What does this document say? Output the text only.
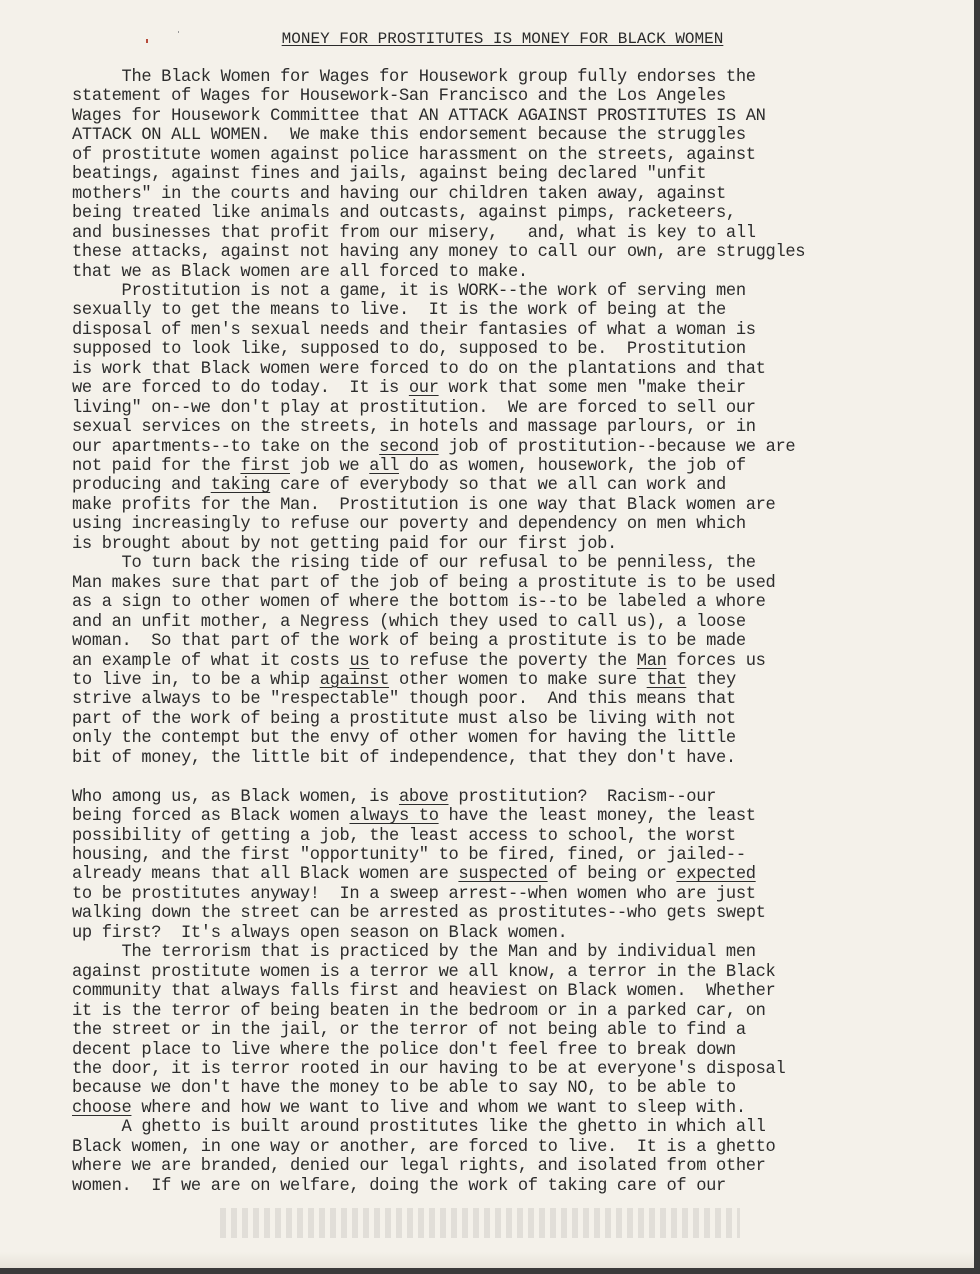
MONEY FOR PROSTITUTES IS MONEY FOR BLACK WOMEN
The Black Women for Wages for Housework group fully endorses the
statement of Wages for Housework-San Francisco and the Los Angeles
Wages for Housework Committee that AN ATTACK AGAINST PROSTITUTES IS AN
ATTACK ON ALL WOMEN.  We make this endorsement because the struggles
of prostitute women against police harassment on the streets, against
beatings, against fines and jails, against being declared "unfit
mothers" in the courts and having our children taken away, against
being treated like animals and outcasts, against pimps, racketeers,
and businesses that profit from our misery,   and, what is key to all
these attacks, against not having any money to call our own, are struggles
that we as Black women are all forced to make.
Prostitution is not a game, it is WORK--the work of serving men
sexually to get the means to live.  It is the work of being at the
disposal of men's sexual needs and their fantasies of what a woman is
supposed to look like, supposed to do, supposed to be.  Prostitution
is work that Black women were forced to do on the plantations and that
we are forced to do today.  It is our work that some men "make their
living" on--we don't play at prostitution.  We are forced to sell our
sexual services on the streets, in hotels and massage parlours, or in
our apartments--to take on the second job of prostitution--because we are
not paid for the first job we all do as women, housework, the job of
producing and taking care of everybody so that we all can work and
make profits for the Man.  Prostitution is one way that Black women are
using increasingly to refuse our poverty and dependency on men which
is brought about by not getting paid for our first job.
To turn back the rising tide of our refusal to be penniless, the
Man makes sure that part of the job of being a prostitute is to be used
as a sign to other women of where the bottom is--to be labeled a whore
and an unfit mother, a Negress (which they used to call us), a loose
woman.  So that part of the work of being a prostitute is to be made
an example of what it costs us to refuse the poverty the Man forces us
to live in, to be a whip against other women to make sure that they
strive always to be "respectable" though poor.  And this means that
part of the work of being a prostitute must also be living with not
only the contempt but the envy of other women for having the little
bit of money, the little bit of independence, that they don't have.
Who among us, as Black women, is above prostitution?  Racism--our
being forced as Black women always to have the least money, the least
possibility of getting a job, the least access to school, the worst
housing, and the first "opportunity" to be fired, fined, or jailed--
already means that all Black women are suspected of being or expected
to be prostitutes anyway!  In a sweep arrest--when women who are just
walking down the street can be arrested as prostitutes--who gets swept
up first?  It's always open season on Black women.
The terrorism that is practiced by the Man and by individual men
against prostitute women is a terror we all know, a terror in the Black
community that always falls first and heaviest on Black women.  Whether
it is the terror of being beaten in the bedroom or in a parked car, on
the street or in the jail, or the terror of not being able to find a
decent place to live where the police don't feel free to break down
the door, it is terror rooted in our having to be at everyone's disposal
because we don't have the money to be able to say NO, to be able to
choose where and how we want to live and whom we want to sleep with.
A ghetto is built around prostitutes like the ghetto in which all
Black women, in one way or another, are forced to live.  It is a ghetto
where we are branded, denied our legal rights, and isolated from other
women.  If we are on welfare, doing the work of taking care of our
